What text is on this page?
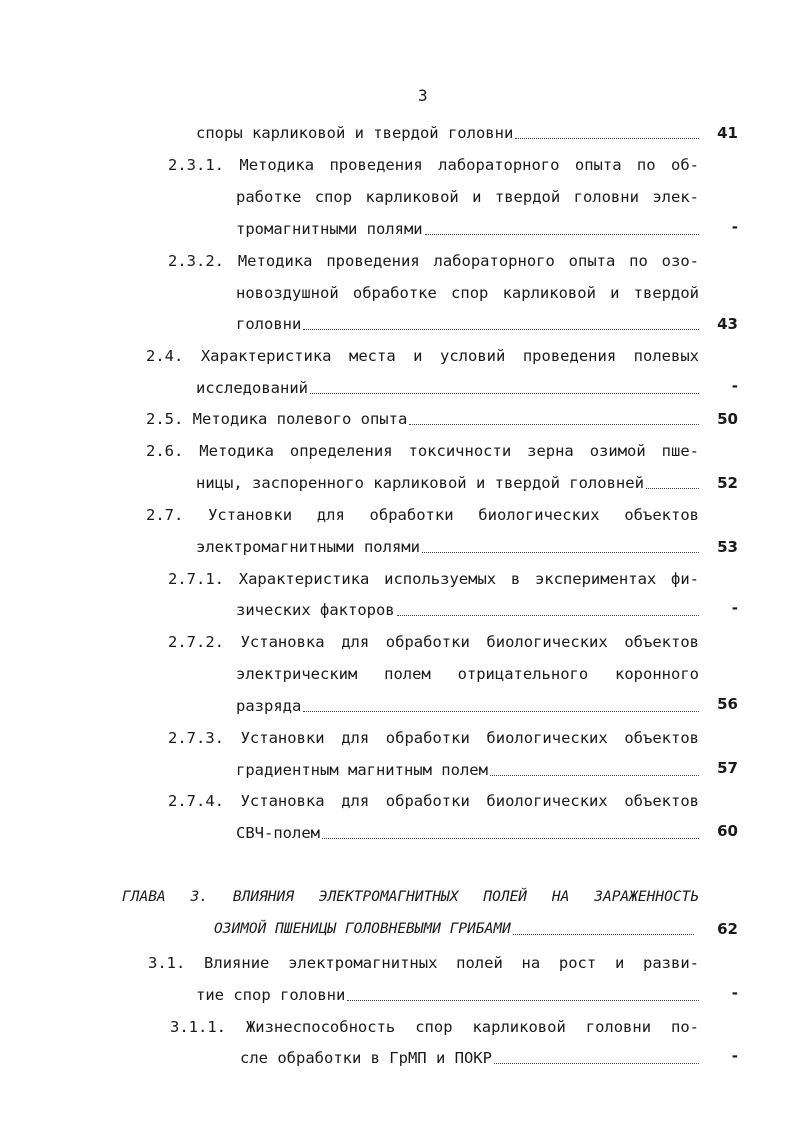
3
споры карликовой и твердой головни	41
2.3.1. Методика проведения лабораторного опыта по об-
работке спор карликовой и твердой головни элек-
тромагнитными полями	-
2.3.2. Методика проведения лабораторного опыта по озо-
новоздушной обработке спор карликовой и твердой
головни	43
2.4. Характеристика места и условий проведения полевых
исследований	-
2.5. Методика полевого опыта	50
2.6. Методика определения токсичности зерна озимой пше-
ницы, заспоренного карликовой и твердой головней	52
2.7. Установки для обработки биологических объектов
электромагнитными полями	53
2.7.1. Характеристика используемых в экспериментах фи-
зических факторов	-
2.7.2. Установка для обработки биологических объектов
электрическим полем отрицательного коронного
разряда	56
2.7.3. Установки для обработки биологических объектов
градиентным магнитным полем	57
2.7.4. Установка для обработки биологических объектов
СВЧ-полем	60
ГЛАВА 3. ВЛИЯНИЯ ЭЛЕКТРОМАГНИТНЫХ ПОЛЕЙ НА ЗАРАЖЕННОСТЬ
ОЗИМОЙ ПШЕНИЦЫ ГОЛОВНЕВЫМИ ГРИБАМИ	62
3.1. Влияние электромагнитных полей на рост и разви-
тие спор головни	-
3.1.1. Жизнеспособность спор карликовой головни по-
сле обработки в ГрМП и ПОКР	-
